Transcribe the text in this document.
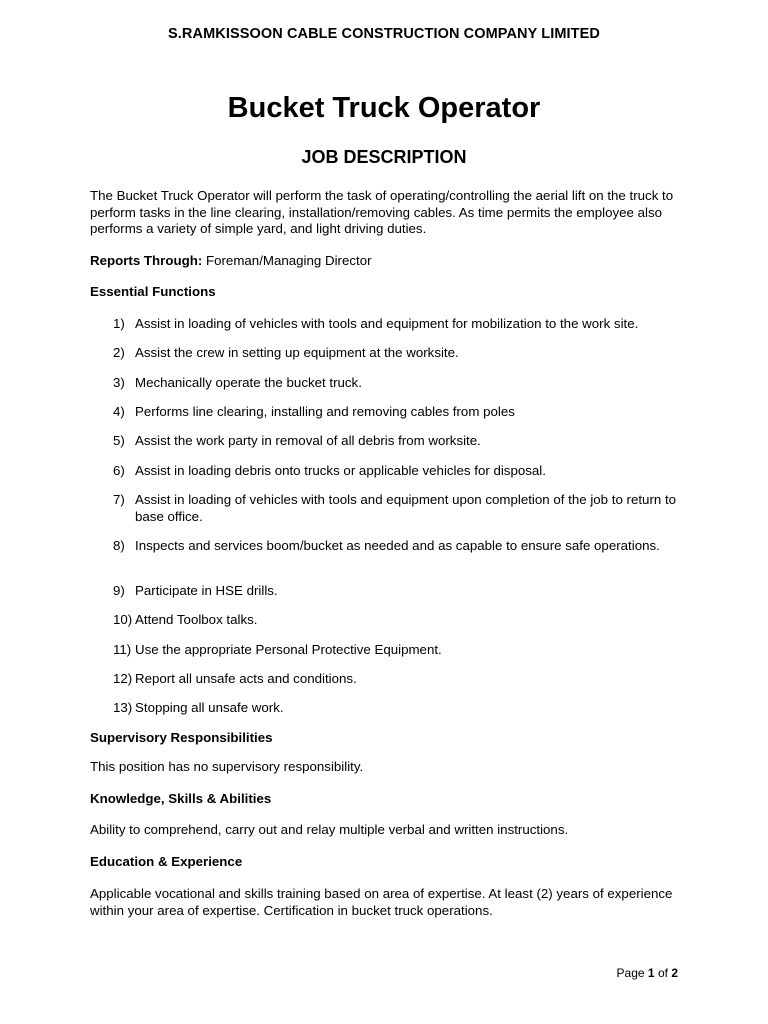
S.RAMKISSOON CABLE CONSTRUCTION COMPANY LIMITED
Bucket Truck Operator
JOB DESCRIPTION
The Bucket Truck Operator will perform the task of operating/controlling the aerial lift on the truck to perform tasks in the line clearing, installation/removing cables. As time permits the employee also performs a variety of simple yard, and light driving duties.
Reports Through: Foreman/Managing Director
Essential Functions
1) Assist in loading of vehicles with tools and equipment for mobilization to the work site.
2) Assist the crew in setting up equipment at the worksite.
3) Mechanically operate the bucket truck.
4) Performs line clearing, installing and removing cables from poles
5) Assist the work party in removal of all debris from worksite.
6) Assist in loading debris onto trucks or applicable vehicles for disposal.
7) Assist in loading of vehicles with tools and equipment upon completion of the job to return to base office.
8) Inspects and services boom/bucket as needed and as capable to ensure safe operations.
9) Participate in HSE drills.
10) Attend Toolbox talks.
11) Use the appropriate Personal Protective Equipment.
12) Report all unsafe acts and conditions.
13) Stopping all unsafe work.
Supervisory Responsibilities
This position has no supervisory responsibility.
Knowledge, Skills & Abilities
Ability to comprehend, carry out and relay multiple verbal and written instructions.
Education & Experience
Applicable vocational and skills training based on area of expertise. At least (2) years of experience within your area of expertise. Certification in bucket truck operations.
Page 1 of 2
